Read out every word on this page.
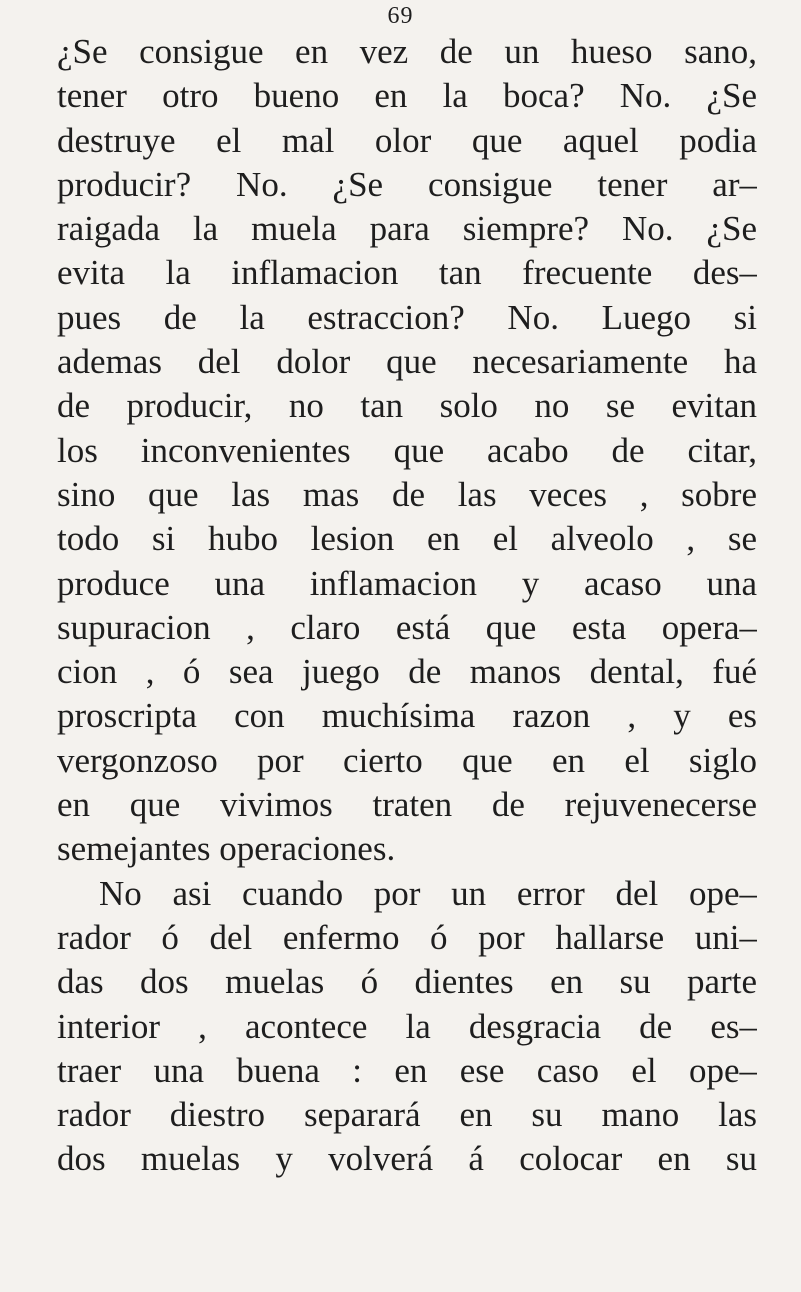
69
¿Se consigue en vez de un hueso sano,
tener otro bueno en la boca? No. ¿Se
destruye el mal olor que aquel podia
producir? No. ¿Se consigue tener ar–
raigada la muela para siempre? No. ¿Se
evita la inflamacion tan frecuente des–
pues de la estraccion? No. Luego si
ademas del dolor que necesariamente ha
de producir, no tan solo no se evitan
los inconvenientes que acabo de citar,
sino que las mas de las veces , sobre
todo si hubo lesion en el alveolo , se
produce una inflamacion y acaso una
supuracion , claro está que esta opera–
cion , ó sea juego de manos dental, fué
proscripta con muchísima razon , y es
vergonzoso por cierto que en el siglo
en que vivimos traten de rejuvenecerse
semejantes operaciones.
No asi cuando por un error del ope–
rador ó del enfermo ó por hallarse uni–
das dos muelas ó dientes en su parte
interior , acontece la desgracia de es–
traer una buena : en ese caso el ope–
rador diestro separará en su mano las
dos muelas y volverá á colocar en su
